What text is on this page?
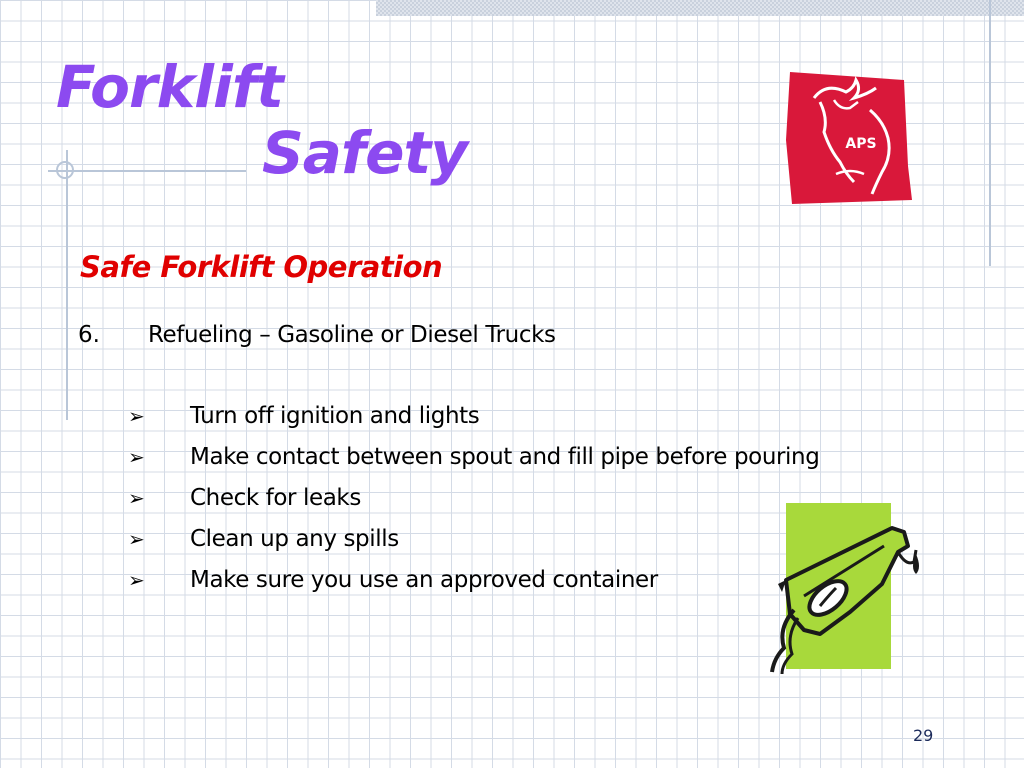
Forklift
Safety	APS

Safe Forklift Operation

6. Refueling – Gasoline or Diesel Trucks
➢ Turn off ignition and lights
➢ Make contact between spout and fill pipe before pouring
➢ Check for leaks
➢ Clean up any spills
➢ Make sure you use an approved container
29
